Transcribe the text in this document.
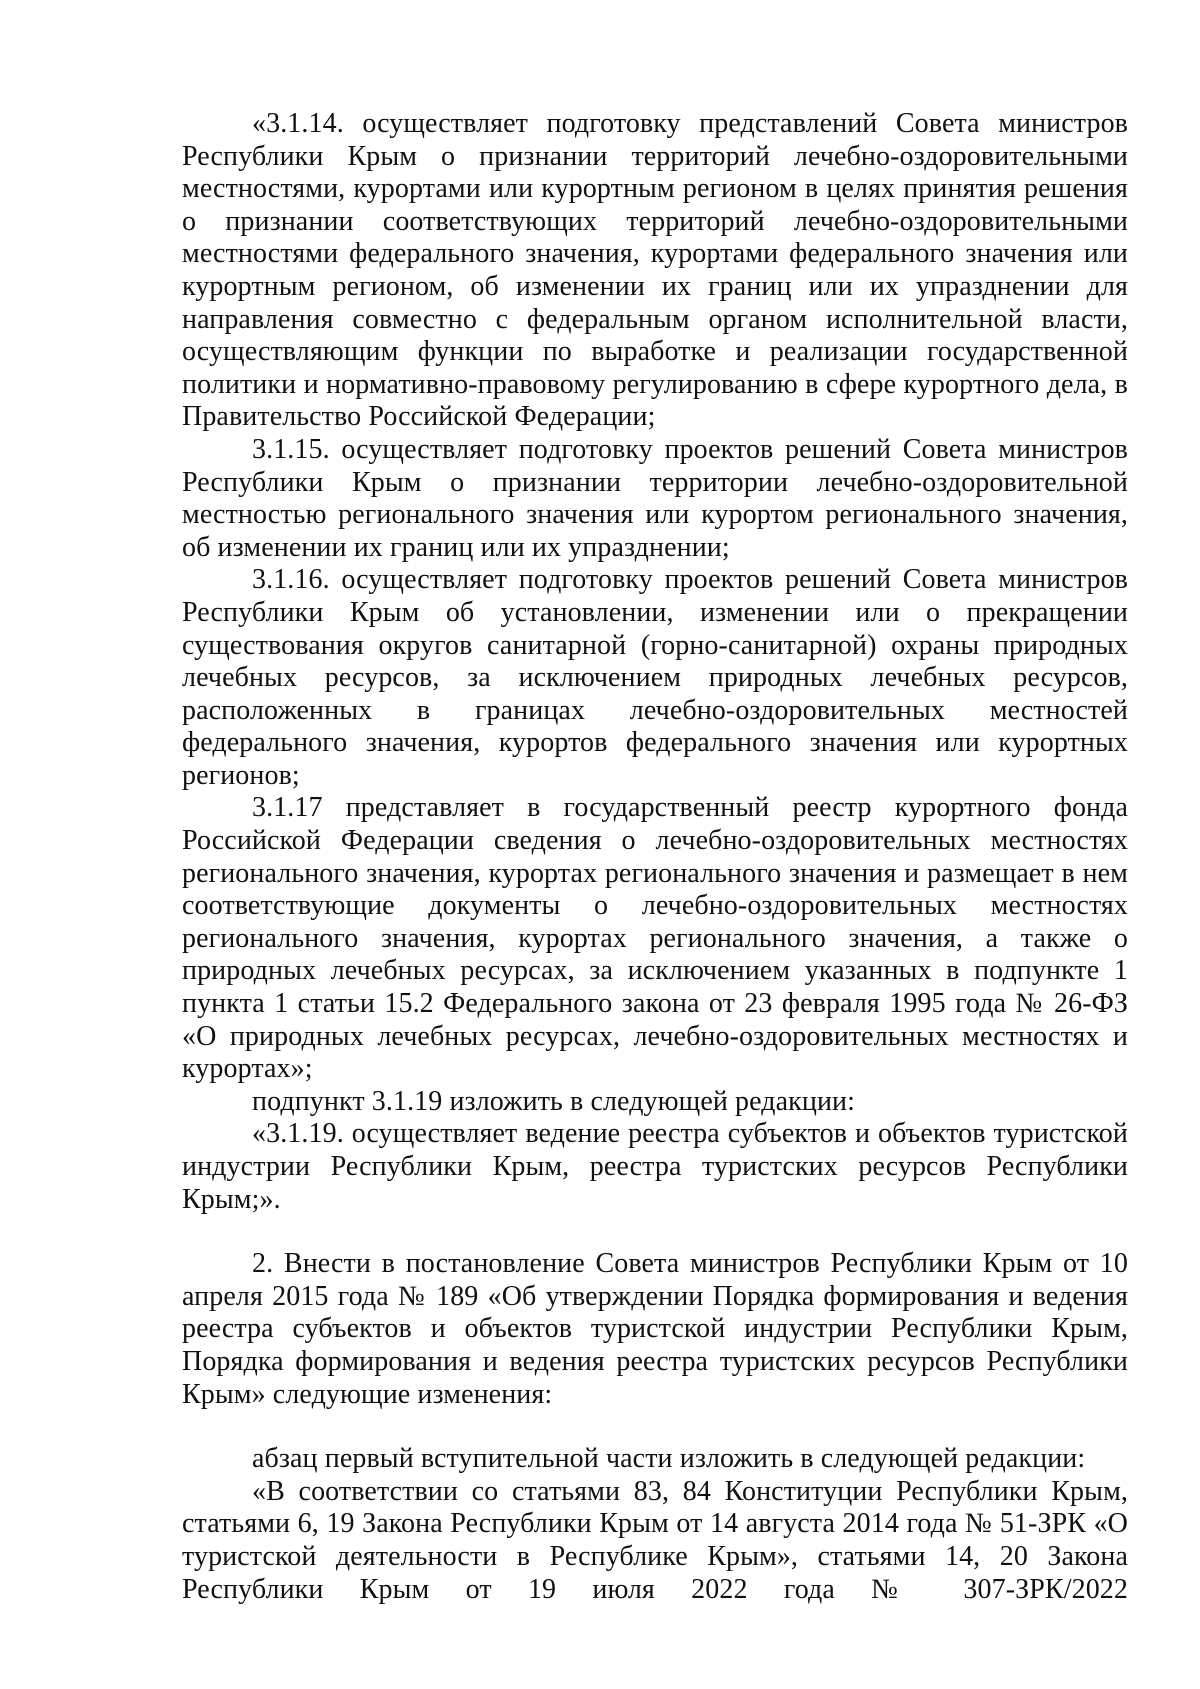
«3.1.14. осуществляет подготовку представлений Совета министров Республики Крым о признании территорий лечебно-оздоровительными местностями, курортами или курортным регионом в целях принятия решения о признании соответствующих территорий лечебно-оздоровительными местностями федерального значения, курортами федерального значения или курортным регионом, об изменении их границ или их упразднении для направления совместно с федеральным органом исполнительной власти, осуществляющим функции по выработке и реализации государственной политики и нормативно-правовому регулированию в сфере курортного дела, в Правительство Российской Федерации;

3.1.15. осуществляет подготовку проектов решений Совета министров Республики Крым о признании территории лечебно-оздоровительной местностью регионального значения или курортом регионального значения, об изменении их границ или их упразднении;

3.1.16. осуществляет подготовку проектов решений Совета министров Республики Крым об установлении, изменении или о прекращении существования округов санитарной (горно-санитарной) охраны природных лечебных ресурсов, за исключением природных лечебных ресурсов, расположенных в границах лечебно-оздоровительных местностей федерального значения, курортов федерального значения или курортных регионов;

3.1.17 представляет в государственный реестр курортного фонда Российской Федерации сведения о лечебно-оздоровительных местностях регионального значения, курортах регионального значения и размещает в нем соответствующие документы о лечебно-оздоровительных местностях регионального значения, курортах регионального значения, а также о природных лечебных ресурсах, за исключением указанных в подпункте 1 пункта 1 статьи 15.2 Федерального закона от 23 февраля 1995 года № 26-ФЗ «О природных лечебных ресурсах, лечебно-оздоровительных местностях и курортах»;

подпункт 3.1.19 изложить в следующей редакции:

«3.1.19. осуществляет ведение реестра субъектов и объектов туристской индустрии Республики Крым, реестра туристских ресурсов Республики Крым;».

2. Внести в постановление Совета министров Республики Крым от 10 апреля 2015 года № 189 «Об утверждении Порядка формирования и ведения реестра субъектов и объектов туристской индустрии Республики Крым, Порядка формирования и ведения реестра туристских ресурсов Республики Крым» следующие изменения:

абзац первый вступительной части изложить в следующей редакции:

«В соответствии со статьями 83, 84 Конституции Республики Крым, статьями 6, 19 Закона Республики Крым от 14 августа 2014 года № 51-ЗРК «О туристской деятельности в Республике Крым», статьями 14, 20 Закона Республики Крым от 19 июля 2022 года № 307-ЗРК/2022
